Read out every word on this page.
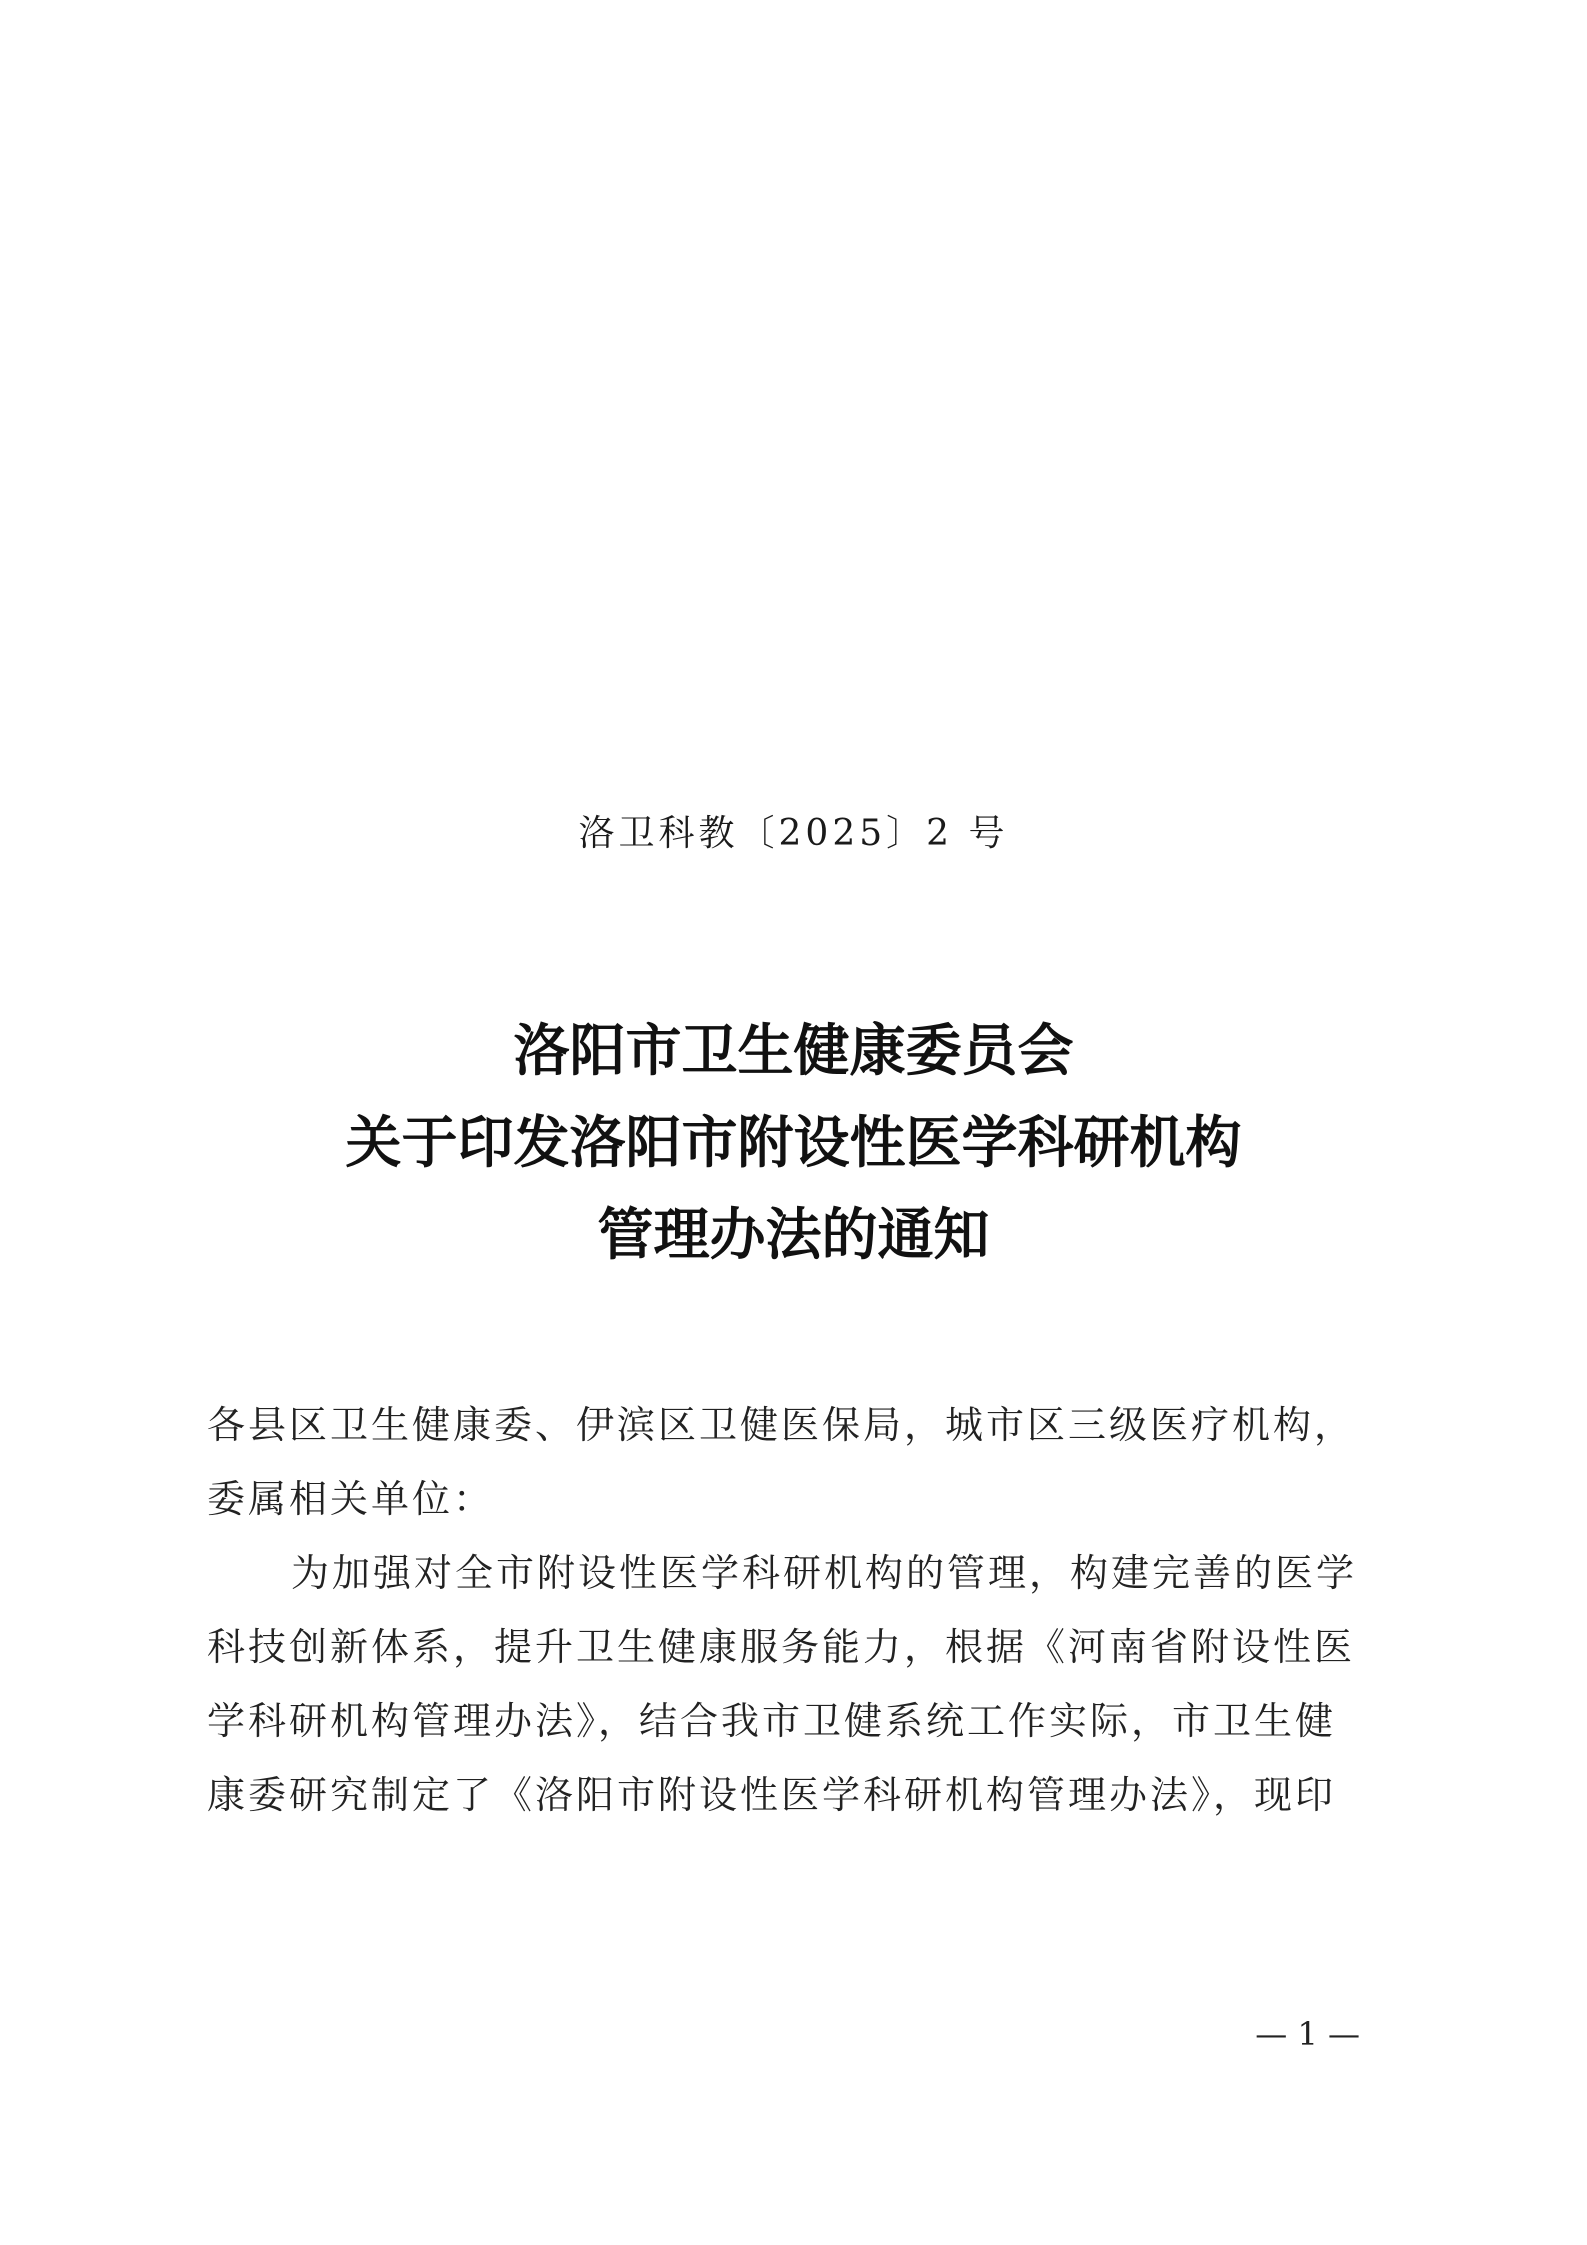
洛卫科教〔2025〕2 号
洛阳市卫生健康委员会
关于印发洛阳市附设性医学科研机构
管理办法的通知
各县区卫生健康委、伊滨区卫健医保局，城市区三级医疗机构，
委属相关单位：
为加强对全市附设性医学科研机构的管理，构建完善的医学
科技创新体系，提升卫生健康服务能力，根据《河南省附设性医
学科研机构管理办法》，结合我市卫健系统工作实际，市卫生健
康委研究制定了《洛阳市附设性医学科研机构管理办法》，现印
— 1 —
